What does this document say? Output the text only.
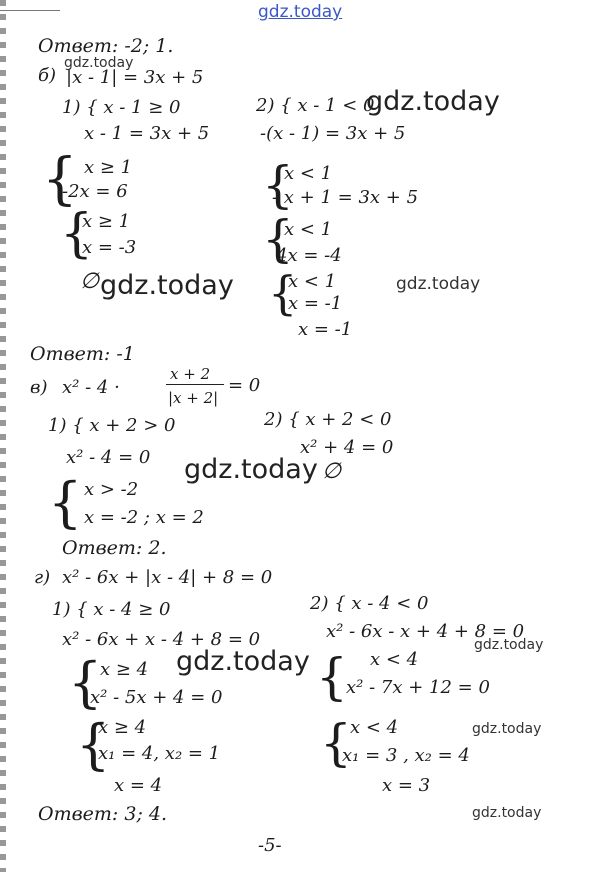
gdz.today
Ответ: -2; 1.
б)
gdz.today
|x - 1| = 3x + 5
1) { x - 1 ≥ 0
x - 1 = 3x + 5
{ x ≥ 1
-2x = 6
{
x ≥ 1
x = -3
∅ gdz.today
2) { x - 1 < 0
gdz.today
-(x - 1) = 3x + 5
{
x < 1
- x + 1 = 3x + 5
{
x < 1
4x = -4
{
x < 1
x = -1
gdz.today
x = -1
Ответ: -1
в) x² - 4 ·
x + 2
|x + 2|
= 0
1) { x + 2 > 0
x² - 4 = 0 gdz.today ∅
{ x > -2
x = -2 ; x = 2
2) { x + 2 < 0
x² + 4 = 0
Ответ: 2.
г) x² - 6x + |x - 4| + 8 = 0
1) { x - 4 ≥ 0
x² - 6x + x - 4 + 8 = 0
gdz.today
{
x ≥ 4
x² - 5x + 4 = 0
{
x ≥ 4
x₁ = 4, x₂ = 1
x = 4
2) { x - 4 < 0
x² - 6x - x + 4 + 8 = 0
gdz.today
{ x < 4
x² - 7x + 12 = 0
{
x < 4	gdz.today
x₁ = 3 , x₂ = 4
x = 3
Ответ: 3; 4.	gdz.today
-5-
